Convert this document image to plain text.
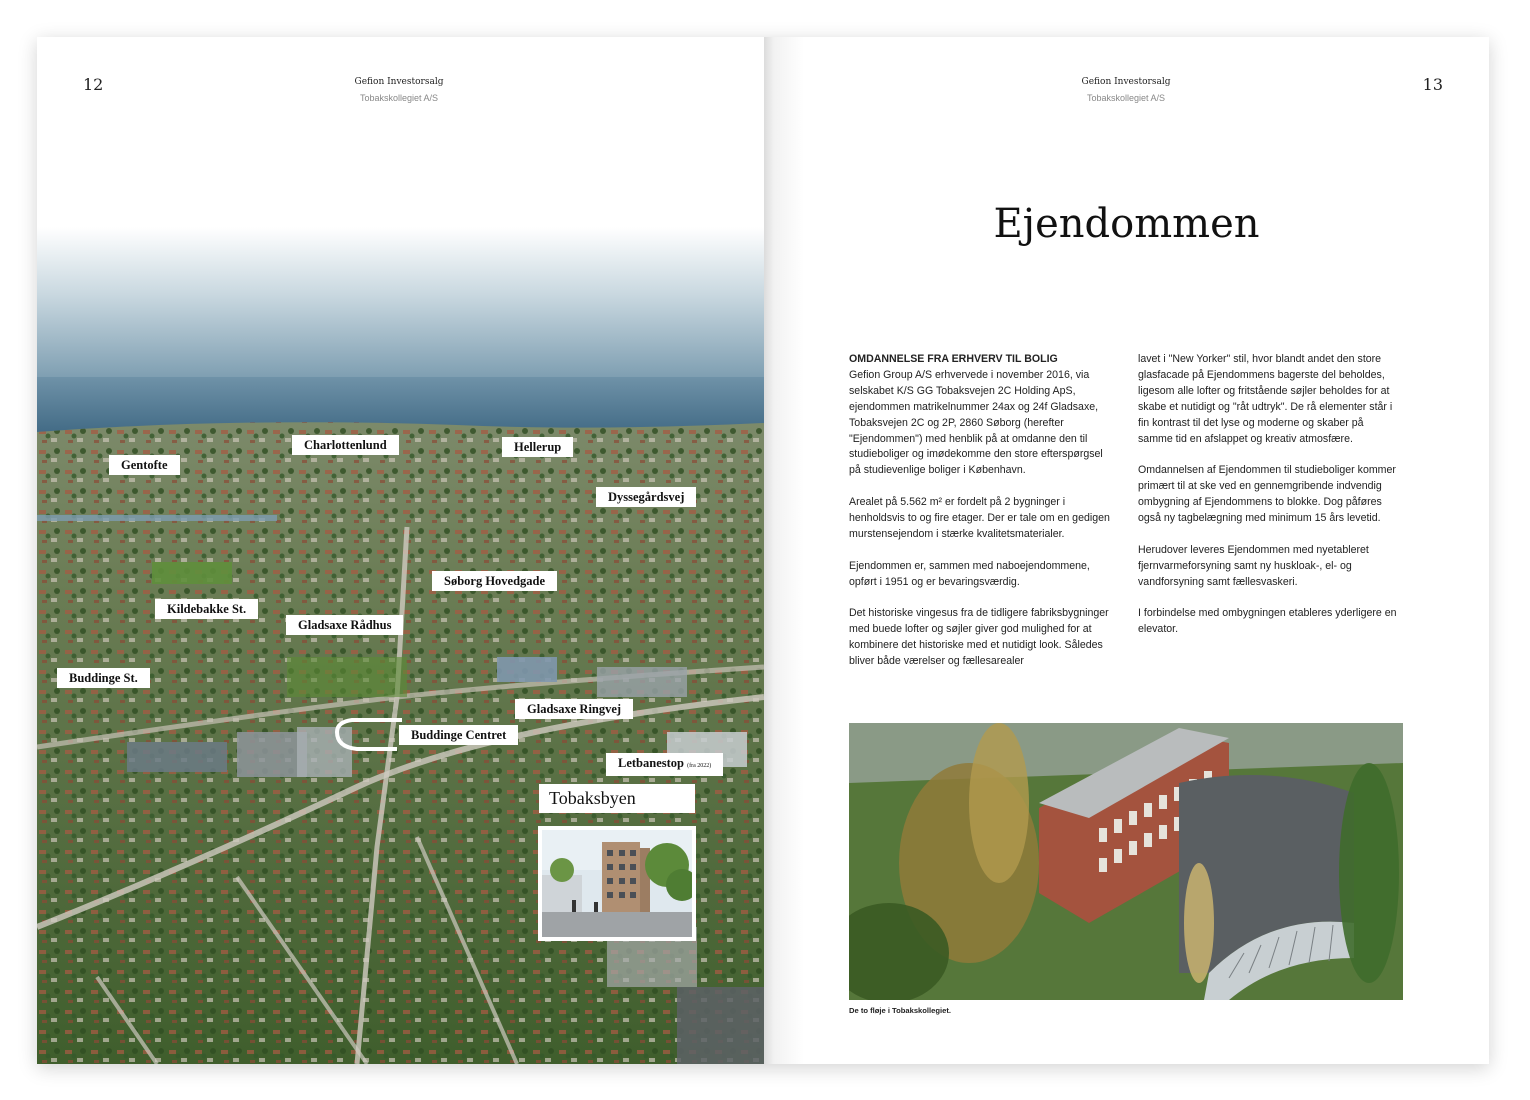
12	Gefion Investorsalg
Tobakskollegiet A/S
Gentofte
Charlottenlund	Hellerup
Dyssegårdsvej
Søborg Hovedgade
Kildebakke St.
Gladsaxe Rådhus
Buddinge St.
Gladsaxe Ringvej
Buddinge Centret
Letbanestop (fra 2022)
Tobaksbyen
13
Gefion Investorsalg
Tobakskollegiet A/S
Ejendommen
OMDANNELSE FRA ERHVERV TIL BOLIG

Gefion Group A/S erhvervede i november 2016, via selskabet K/S GG Tobaksvejen 2C Holding ApS, ejendommen matrikelnummer 24ax og 24f Gladsaxe, Tobaksvejen 2C og 2P, 2860 Søborg (herefter "Ejendommen") med henblik på at omdanne den til studieboliger og imødekomme den store efterspørgsel på studievenlige boliger i København.

Arealet på 5.562 m² er fordelt på 2 bygninger i henholdsvis to og fire etager. Der er tale om en gedigen murstensejendom i stærke kvalitetsmaterialer.

Ejendommen er, sammen med naboejendommene, opført i 1951 og er bevaringsværdig.

Det historiske vingesus fra de tidligere fabriksbygninger med buede lofter og søjler giver god mulighed for at kombinere det historiske med et nutidigt look. Således bliver både værelser og fællesarealer

lavet i "New Yorker" stil, hvor blandt andet den store glasfacade på Ejendommens bagerste del beholdes, ligesom alle lofter og fritstående søjler beholdes for at skabe et nutidigt og "råt udtryk". De rå elementer står i fin kontrast til det lyse og moderne og skaber på samme tid en afslappet og kreativ atmosfære.

Omdannelsen af Ejendommen til studieboliger kommer primært til at ske ved en gennemgribende indvendig ombygning af Ejendommens to blokke. Dog påføres også ny tagbelægning med minimum 15 års levetid.

Herudover leveres Ejendommen med nyetableret fjernvarmeforsyning samt ny huskloak-, el- og vandforsyning samt fællesvaskeri.

I forbindelse med ombygningen etableres yderligere en elevator.

De to fløje i Tobakskollegiet.
